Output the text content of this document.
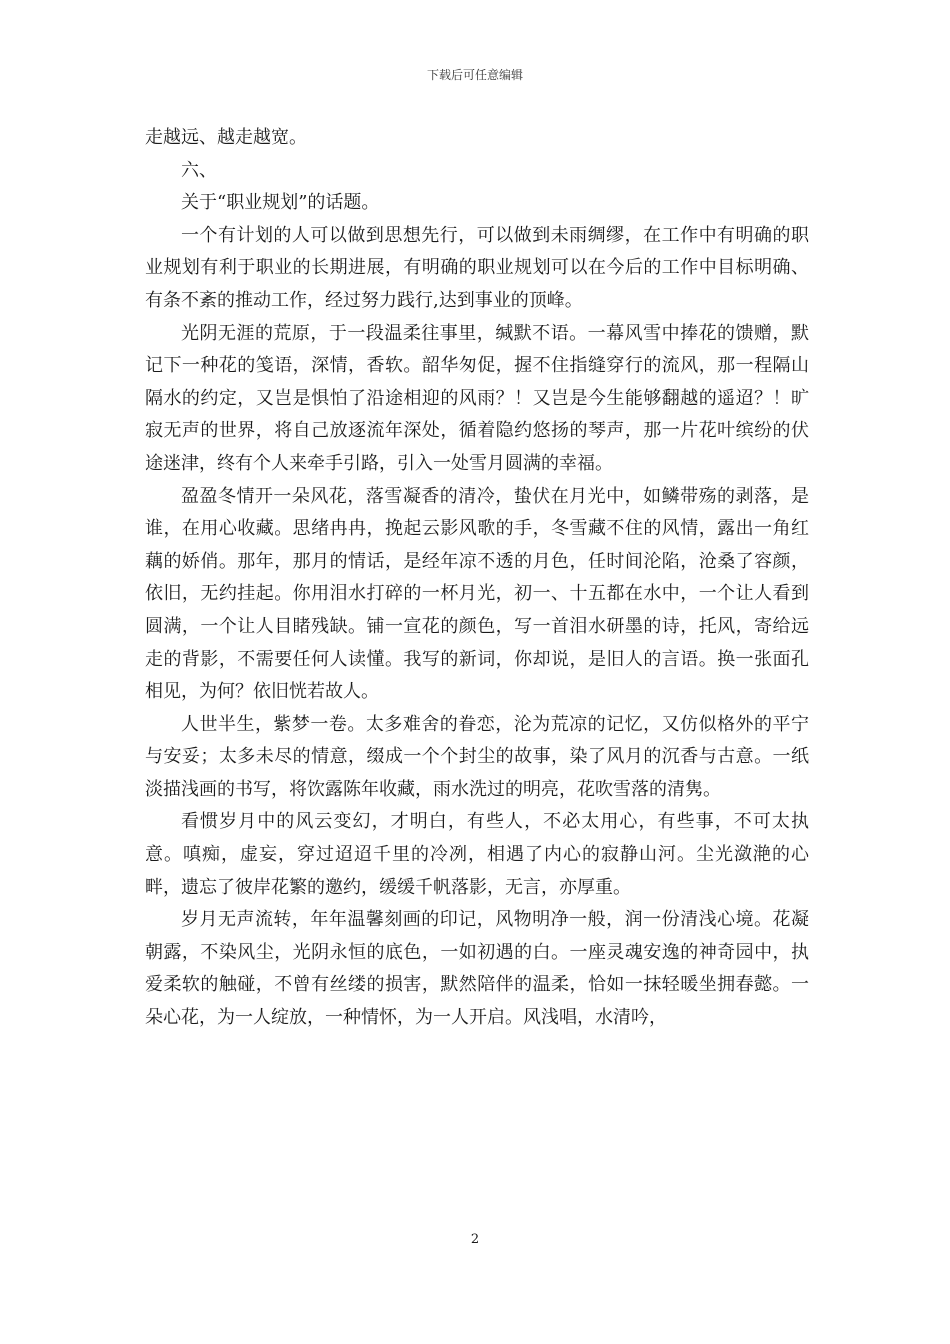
下载后可任意编辑

走越远、越走越宽。

六、

关于“职业规划”的话题。

一个有计划的人可以做到思想先行，可以做到未雨绸缪，在工作中有明确的职业规划有利于职业的长期进展，有明确的职业规划可以在今后的工作中目标明确、有条不紊的推动工作，经过努力践行,达到事业的顶峰。

光阴无涯的荒原，于一段温柔往事里，缄默不语。一幕风雪中捧花的馈赠，默记下一种花的笺语，深情，香软。韶华匆促，握不住指缝穿行的流风，那一程隔山隔水的约定，又岂是惧怕了沿途相迎的风雨？！又岂是今生能够翻越的遥迢？！旷寂无声的世界，将自己放逐流年深处，循着隐约悠扬的琴声，那一片花叶缤纷的伏途迷津，终有个人来牵手引路，引入一处雪月圆满的幸福。

盈盈冬情开一朵风花，落雪凝香的清冷，蛰伏在月光中，如鳞带殇的剥落，是谁，在用心收藏。思绪冉冉，挽起云影风歌的手，冬雪藏不住的风情，露出一角红藕的娇俏。那年，那月的情话，是经年凉不透的月色，任时间沦陷，沧桑了容颜，依旧，无约挂起。你用泪水打碎的一杯月光，初一、十五都在水中，一个让人看到圆满，一个让人目睹残缺。铺一宣花的颜色，写一首泪水研墨的诗，托风，寄给远走的背影，不需要任何人读懂。我写的新词，你却说，是旧人的言语。换一张面孔相见，为何？依旧恍若故人。

人世半生，紫梦一卷。太多难舍的眷恋，沦为荒凉的记忆，又仿似格外的平宁与安妥；太多未尽的情意，缀成一个个封尘的故事，染了风月的沉香与古意。一纸淡描浅画的书写，将饮露陈年收藏，雨水洗过的明亮，花吹雪落的清隽。

看惯岁月中的风云变幻，才明白，有些人，不必太用心，有些事，不可太执意。嗔痴，虚妄，穿过迢迢千里的冷冽，相遇了内心的寂静山河。尘光潋滟的心畔，遗忘了彼岸花繁的邀约，缓缓千帆落影，无言，亦厚重。

岁月无声流转，年年温馨刻画的印记，风物明净一般，润一份清浅心境。花凝朝露，不染风尘，光阴永恒的底色，一如初遇的白。一座灵魂安逸的神奇园中，执爱柔软的触碰，不曾有丝缕的损害，默然陪伴的温柔，恰如一抹轻暖坐拥春懿。一朵心花，为一人绽放，一种情怀，为一人开启。风浅唱，水清吟，

2
